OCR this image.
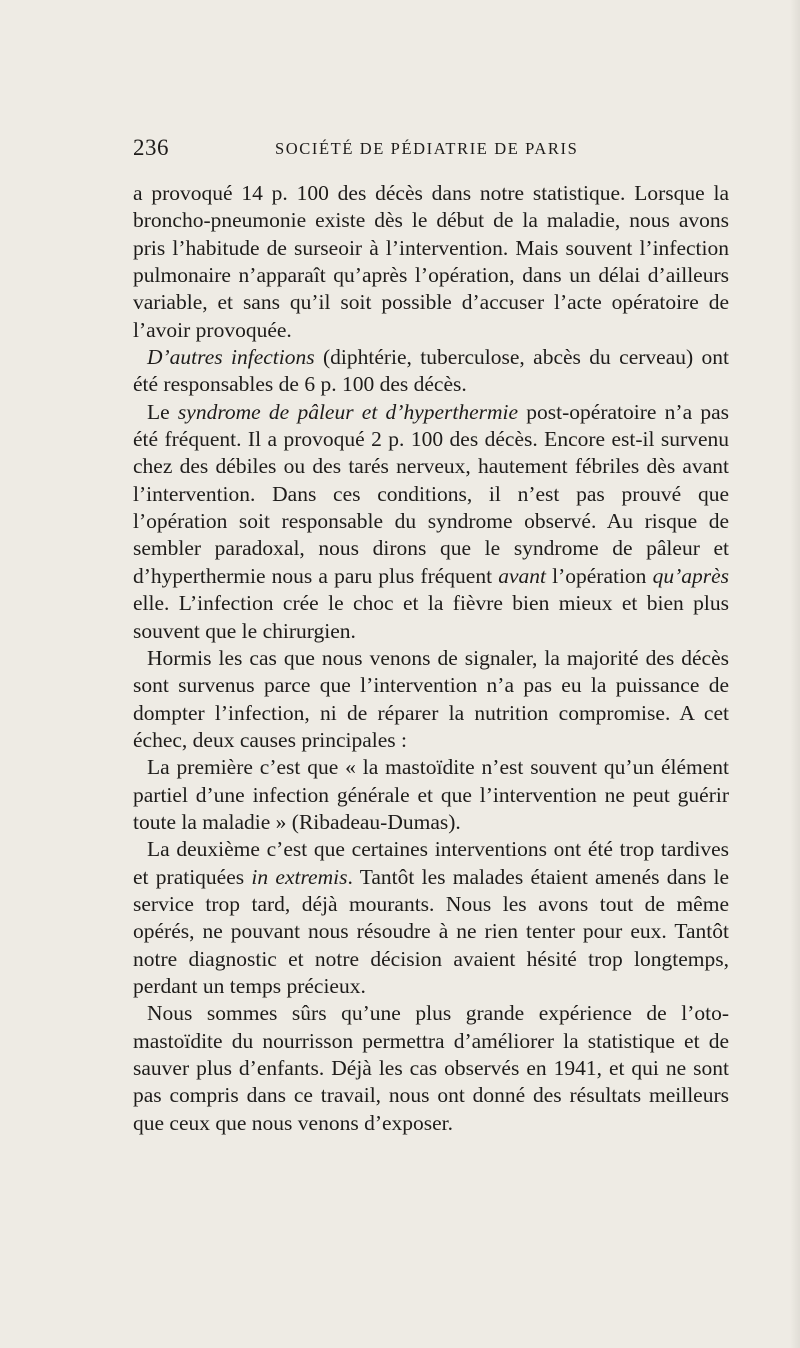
236	SOCIÉTÉ DE PÉDIATRIE DE PARIS

a provoqué 14 p. 100 des décès dans notre statistique. Lorsque la broncho-pneumonie existe dès le début de la maladie, nous avons pris l’habitude de surseoir à l’intervention. Mais souvent l’infection pulmonaire n’apparaît qu’après l’opération, dans un délai d’ailleurs variable, et sans qu’il soit possible d’accuser l’acte opératoire de l’avoir provoquée.

D’autres infections (diphtérie, tuberculose, abcès du cerveau) ont été responsables de 6 p. 100 des décès.

Le syndrome de pâleur et d’hyperthermie post-opératoire n’a pas été fréquent. Il a provoqué 2 p. 100 des décès. Encore est-il survenu chez des débiles ou des tarés nerveux, hautement fébriles dès avant l’intervention. Dans ces conditions, il n’est pas prouvé que l’opération soit responsable du syndrome observé. Au risque de sembler paradoxal, nous dirons que le syndrome de pâleur et d’hyperthermie nous a paru plus fréquent avant l’opération qu’après elle. L’infection crée le choc et la fièvre bien mieux et bien plus souvent que le chirurgien.

Hormis les cas que nous venons de signaler, la majorité des décès sont survenus parce que l’intervention n’a pas eu la puissance de dompter l’infection, ni de réparer la nutrition compromise. A cet échec, deux causes principales :

La première c’est que « la mastoïdite n’est souvent qu’un élément partiel d’une infection générale et que l’intervention ne peut guérir toute la maladie » (Ribadeau-Dumas).

La deuxième c’est que certaines interventions ont été trop tardives et pratiquées in extremis. Tantôt les malades étaient amenés dans le service trop tard, déjà mourants. Nous les avons tout de même opérés, ne pouvant nous résoudre à ne rien tenter pour eux. Tantôt notre diagnostic et notre décision avaient hésité trop longtemps, perdant un temps précieux.

Nous sommes sûrs qu’une plus grande expérience de l’oto-mastoïdite du nourrisson permettra d’améliorer la statistique et de sauver plus d’enfants. Déjà les cas observés en 1941, et qui ne sont pas compris dans ce travail, nous ont donné des résultats meilleurs que ceux que nous venons d’exposer.
